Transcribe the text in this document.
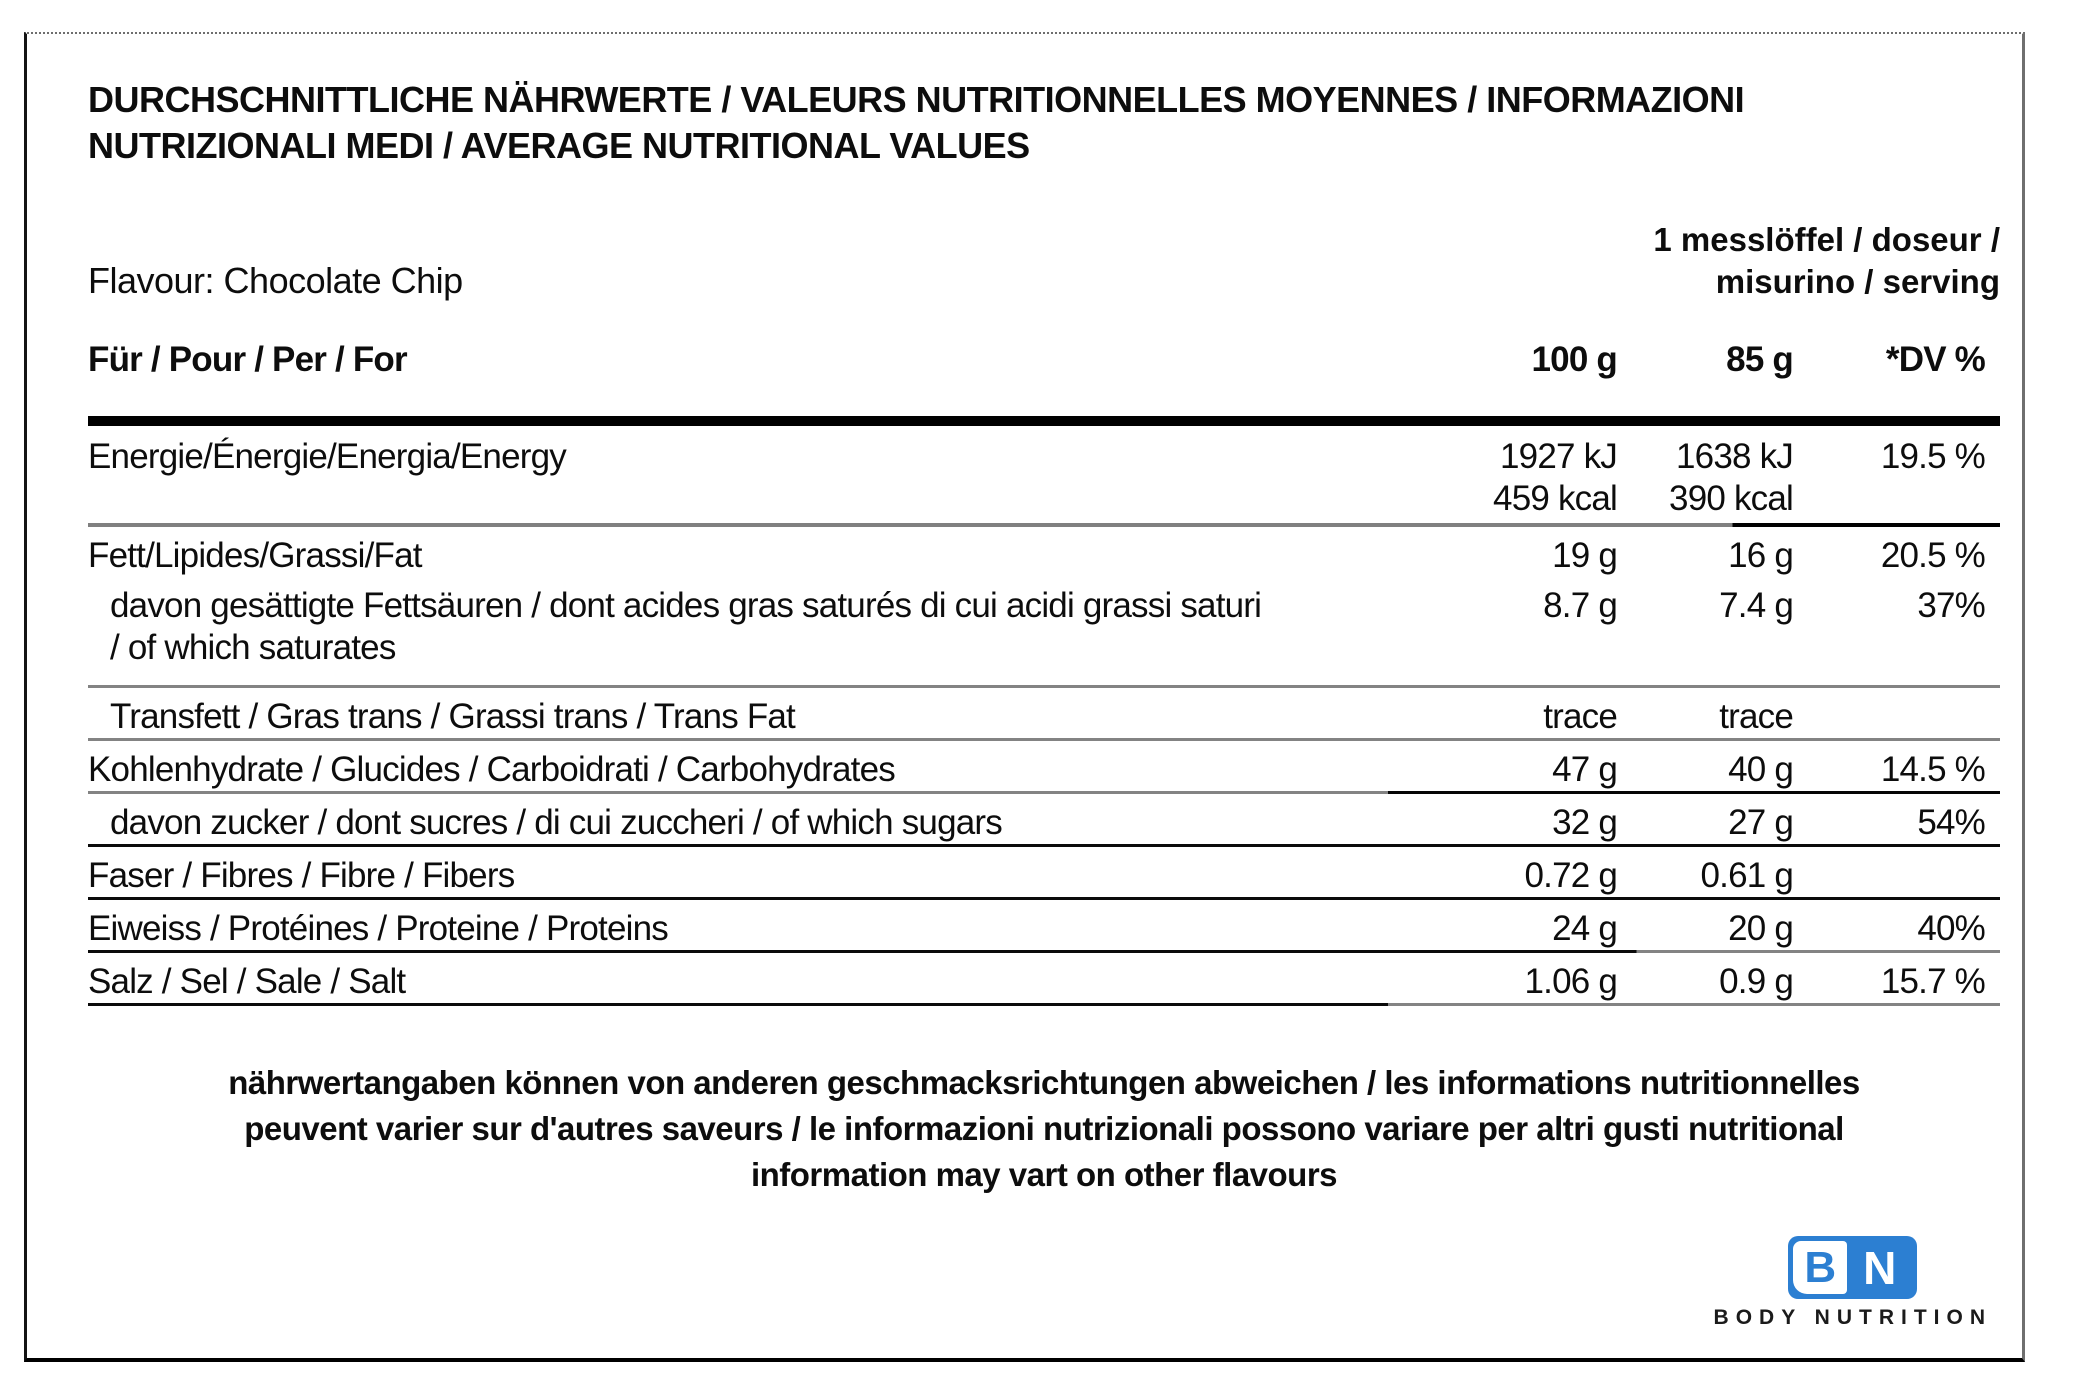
DURCHSCHNITTLICHE NÄHRWERTE / VALEURS NUTRITIONNELLES MOYENNES / INFORMAZIONI
NUTRIZIONALI MEDI / AVERAGE NUTRITIONAL VALUES
Flavour: Chocolate Chip
1 messlöffel / doseur /
misurino / serving
Für / Pour / Per / For	100 g	85 g	*DV %
Energie/Énergie/Energia/Energy	1927 kJ	1638 kJ	19.5 %
459 kcal	390 kcal
Fett/Lipides/Grassi/Fat	19 g	16 g	20.5 %
davon gesättigte Fettsäuren / dont acides gras saturés di cui acidi grassi saturi
/ of which saturates
8.7 g	7.4 g	37%
Transfett / Gras trans / Grassi trans / Trans Fat	trace	trace
Kohlenhydrate / Glucides / Carboidrati / Carbohydrates	47 g	40 g	14.5 %
davon zucker / dont sucres / di cui zuccheri / of which sugars	32 g	27 g	54%
Faser / Fibres / Fibre / Fibers	0.72 g	0.61 g
Eiweiss / Protéines / Proteine / Proteins	24 g	20 g	40%
Salz / Sel / Sale / Salt	1.06 g	0.9 g	15.7 %
nährwertangaben können von anderen geschmacksrichtungen abweichen / les informations nutritionnelles
peuvent varier sur d'autres saveurs / le informazioni nutrizionali possono variare per altri gusti nutritional
information may vart on other flavours
B N
BODY NUTRITION
